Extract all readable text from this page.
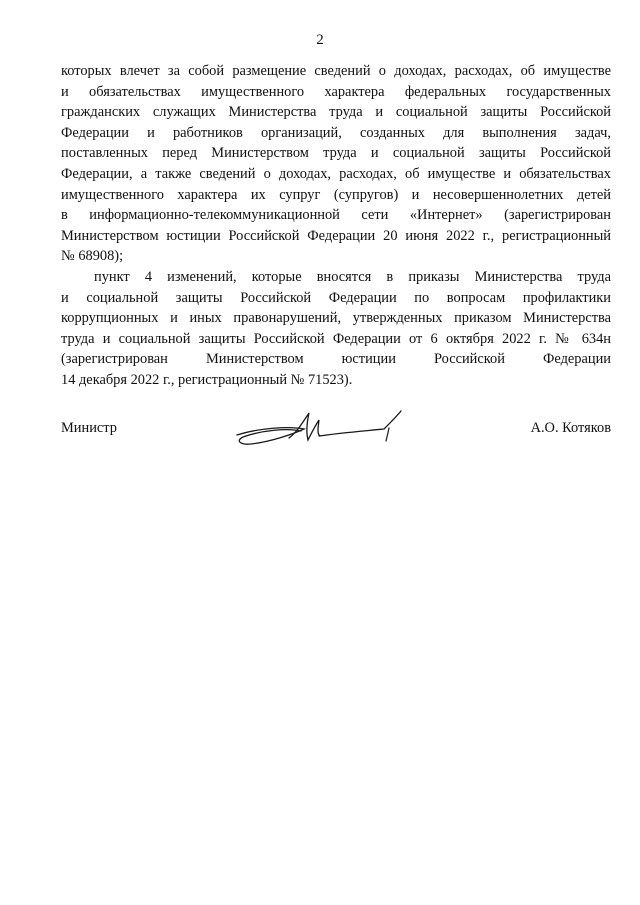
2

которых влечет за собой размещение сведений о доходах, расходах, об имуществе
и обязательствах имущественного характера федеральных государственных
гражданских служащих Министерства труда и социальной защиты Российской
Федерации и работников организаций, созданных для выполнения задач,
поставленных перед Министерством труда и социальной защиты Российской
Федерации, а также сведений о доходах, расходах, об имуществе и обязательствах
имущественного характера их супруг (супругов) и несовершеннолетних детей
в информационно-телекоммуникационной сети «Интернет» (зарегистрирован
Министерством юстиции Российской Федерации 20 июня 2022 г., регистрационный
№ 68908);

пункт 4 изменений, которые вносятся в приказы Министерства труда
и социальной защиты Российской Федерации по вопросам профилактики
коррупционных и иных правонарушений, утвержденных приказом Министерства
труда и социальной защиты Российской Федерации от 6 октября 2022 г. № 634н
(зарегистрирован Министерством юстиции Российской Федерации
14 декабря 2022 г., регистрационный № 71523).

Министр	А.О. Котяков
